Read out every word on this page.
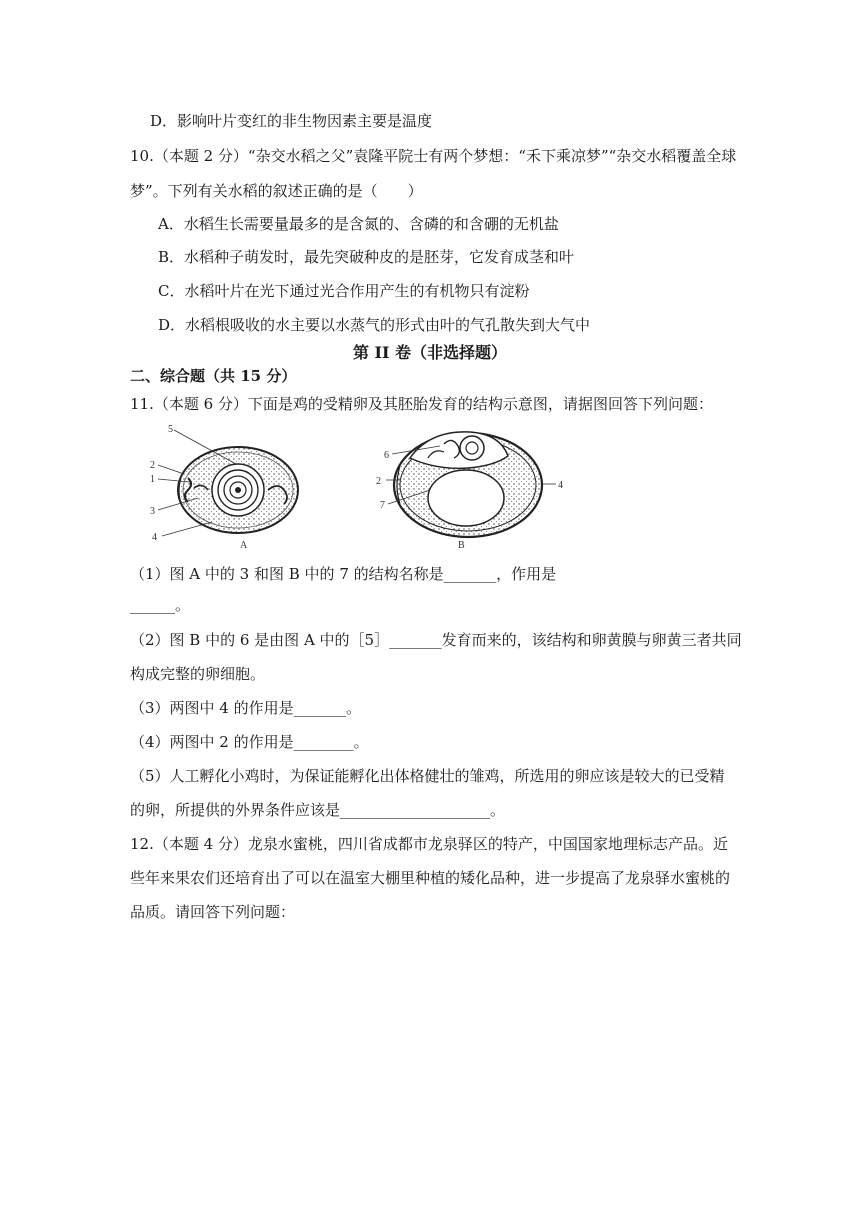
D．影响叶片变红的非生物因素主要是温度
10.（本题 2 分）“杂交水稻之父”袁隆平院士有两个梦想：“禾下乘凉梦”“杂交水稻覆盖全球
梦”。下列有关水稻的叙述正确的是（　　）
A．水稻生长需要量最多的是含氮的、含磷的和含硼的无机盐
B．水稻种子萌发时，最先突破种皮的是胚芽，它发育成茎和叶
C．水稻叶片在光下通过光合作用产生的有机物只有淀粉
D．水稻根吸收的水主要以水蒸气的形式由叶的气孔散失到大气中
第 II 卷（非选择题）
二、综合题（共 15 分）
11.（本题 6 分）下面是鸡的受精卵及其胚胎发育的结构示意图，请据图回答下列问题：
5
2
1
3
4
A
6
2
7
4
B
（1）图 A 中的 3 和图 B 中的 7 的结构名称是_______，作用是
______。
（2）图 B 中的 6 是由图 A 中的［5］_______发育而来的，该结构和卵黄膜与卵黄三者共同
构成完整的卵细胞。
（3）两图中 4 的作用是_______。
（4）两图中 2 的作用是________。
（5）人工孵化小鸡时，为保证能孵化出体格健壮的雏鸡，所选用的卵应该是较大的已受精
的卵，所提供的外界条件应该是____________________。
12.（本题 4 分）龙泉水蜜桃，四川省成都市龙泉驿区的特产，中国国家地理标志产品。近
些年来果农们还培育出了可以在温室大棚里种植的矮化品种，进一步提高了龙泉驿水蜜桃的
品质。请回答下列问题：
